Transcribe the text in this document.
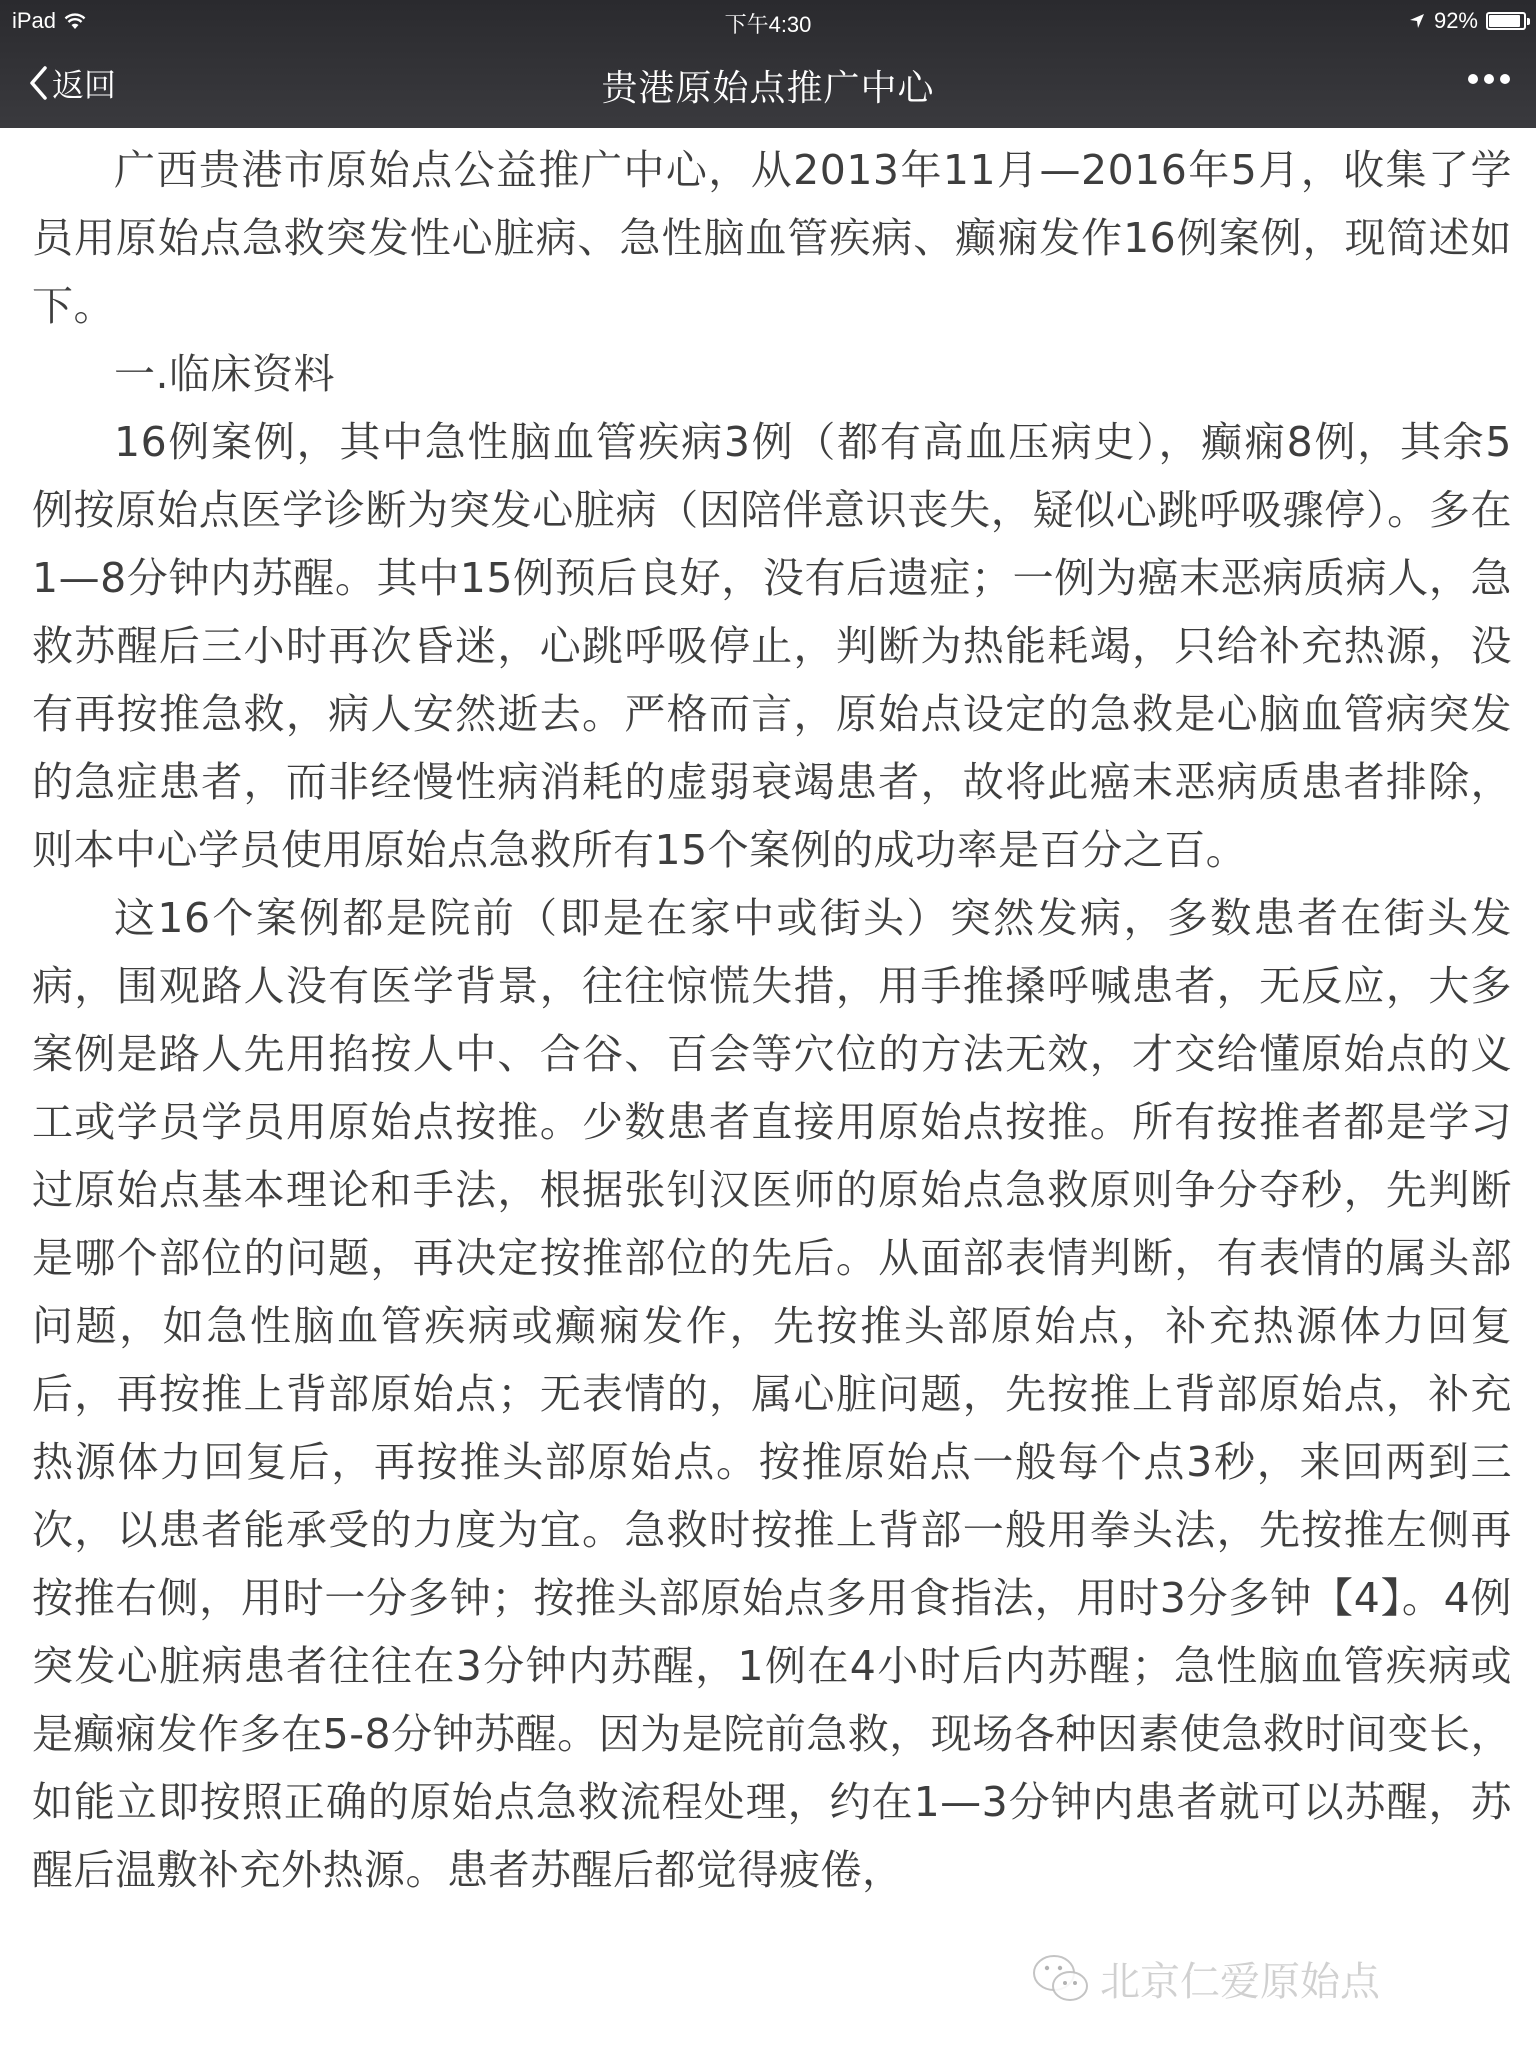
iPad	下午4:30	92%
返回	贵港原始点推广中心

广西贵港市原始点公益推广中心，从2013年11月—2016年5月，收集了学员用原始点急救突发性心脏病、急性脑血管疾病、癫痫发作16例案例，现简述如下。

一.临床资料

16例案例，其中急性脑血管疾病3例（都有高血压病史），癫痫8例，其余5例按原始点医学诊断为突发心脏病（因陪伴意识丧失，疑似心跳呼吸骤停）。多在1—8分钟内苏醒。其中15例预后良好，没有后遗症；一例为癌末恶病质病人，急救苏醒后三小时再次昏迷，心跳呼吸停止，判断为热能耗竭，只给补充热源，没有再按推急救，病人安然逝去。严格而言，原始点设定的急救是心脑血管病突发的急症患者，而非经慢性病消耗的虚弱衰竭患者，故将此癌末恶病质患者排除，则本中心学员使用原始点急救所有15个案例的成功率是百分之百。

这16个案例都是院前（即是在家中或街头）突然发病，多数患者在街头发病，围观路人没有医学背景，往往惊慌失措，用手推搡呼喊患者，无反应，大多案例是路人先用掐按人中、合谷、百会等穴位的方法无效，才交给懂原始点的义工或学员学员用原始点按推。少数患者直接用原始点按推。所有按推者都是学习过原始点基本理论和手法，根据张钊汉医师的原始点急救原则争分夺秒，先判断是哪个部位的问题，再决定按推部位的先后。从面部表情判断，有表情的属头部问题，如急性脑血管疾病或癫痫发作，先按推头部原始点，补充热源体力回复后，再按推上背部原始点；无表情的，属心脏问题，先按推上背部原始点，补充热源体力回复后，再按推头部原始点。按推原始点一般每个点3秒，来回两到三次，以患者能承受的力度为宜。急救时按推上背部一般用拳头法，先按推左侧再按推右侧，用时一分多钟；按推头部原始点多用食指法，用时3分多钟【4】。4例突发心脏病患者往往在3分钟内苏醒，1例在4小时后内苏醒；急性脑血管疾病或是癫痫发作多在5-8分钟苏醒。因为是院前急救，现场各种因素使急救时间变长，如能立即按照正确的原始点急救流程处理，约在1—3分钟内患者就可以苏醒，苏醒后温敷补充外热源。患者苏醒后都觉得疲倦，

北京仁爱原始点
